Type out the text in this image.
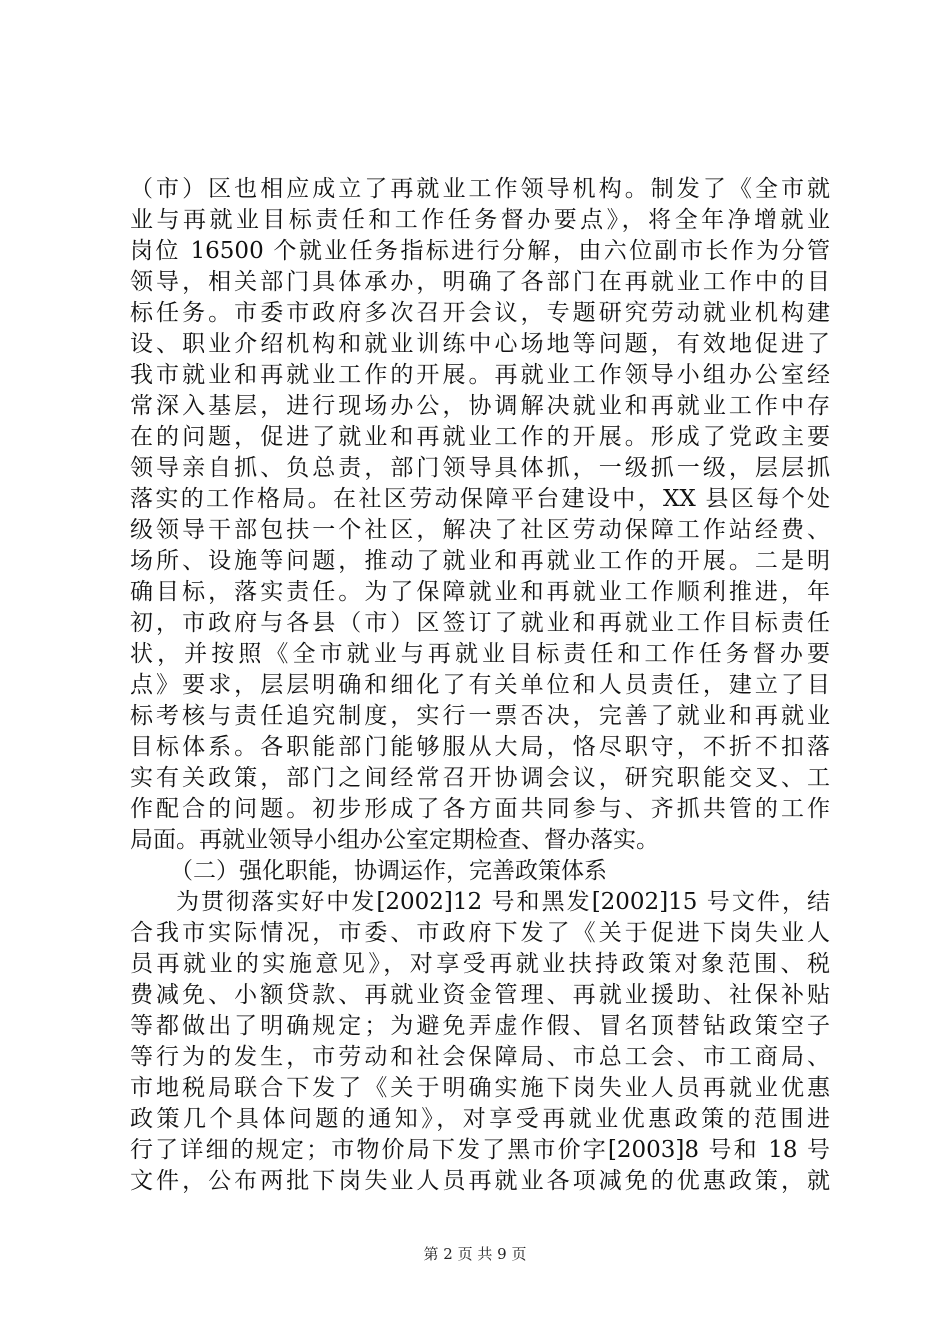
（市）区也相应成立了再就业工作领导机构。制发了《全市就
业与再就业目标责任和工作任务督办要点》，将全年净增就业
岗位 16500 个就业任务指标进行分解，由六位副市长作为分管
领导，相关部门具体承办，明确了各部门在再就业工作中的目
标任务。市委市政府多次召开会议，专题研究劳动就业机构建
设、职业介绍机构和就业训练中心场地等问题，有效地促进了
我市就业和再就业工作的开展。再就业工作领导小组办公室经
常深入基层，进行现场办公，协调解决就业和再就业工作中存
在的问题，促进了就业和再就业工作的开展。形成了党政主要
领导亲自抓、负总责，部门领导具体抓，一级抓一级，层层抓
落实的工作格局。在社区劳动保障平台建设中，XX 县区每个处
级领导干部包扶一个社区，解决了社区劳动保障工作站经费、
场所、设施等问题，推动了就业和再就业工作的开展。二是明
确目标，落实责任。为了保障就业和再就业工作顺利推进，年
初，市政府与各县（市）区签订了就业和再就业工作目标责任
状，并按照《全市就业与再就业目标责任和工作任务督办要
点》要求，层层明确和细化了有关单位和人员责任，建立了目
标考核与责任追究制度，实行一票否决，完善了就业和再就业
目标体系。各职能部门能够服从大局，恪尽职守，不折不扣落
实有关政策，部门之间经常召开协调会议，研究职能交叉、工
作配合的问题。初步形成了各方面共同参与、齐抓共管的工作
局面。再就业领导小组办公室定期检查、督办落实。
（二）强化职能，协调运作，完善政策体系
为贯彻落实好中发[2002]12 号和黑发[2002]15 号文件，结
合我市实际情况，市委、市政府下发了《关于促进下岗失业人
员再就业的实施意见》，对享受再就业扶持政策对象范围、税
费减免、小额贷款、再就业资金管理、再就业援助、社保补贴
等都做出了明确规定；为避免弄虚作假、冒名顶替钻政策空子
等行为的发生，市劳动和社会保障局、市总工会、市工商局、
市地税局联合下发了《关于明确实施下岗失业人员再就业优惠
政策几个具体问题的通知》，对享受再就业优惠政策的范围进
行了详细的规定；市物价局下发了黑市价字[2003]8 号和 18 号
文件，公布两批下岗失业人员再就业各项减免的优惠政策，就
第 2 页 共 9 页
